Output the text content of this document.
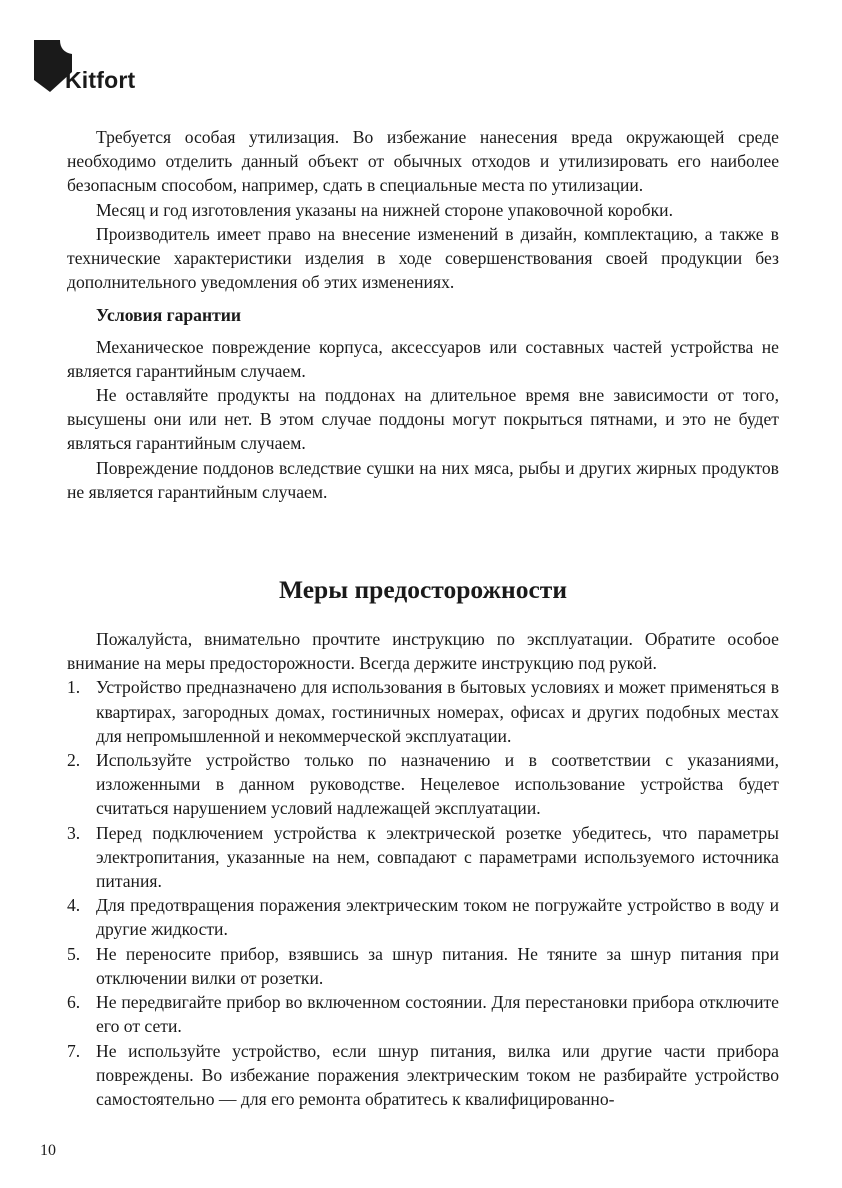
Kitfort

Требуется особая утилизация. Во избежание нанесения вреда окружающей среде необходимо отделить данный объект от обычных отходов и утилизировать его наиболее безопасным способом, например, сдать в специальные места по утилизации.

Месяц и год изготовления указаны на нижней стороне упаковочной коробки.

Производитель имеет право на внесение изменений в дизайн, комплектацию, а также в технические характеристики изделия в ходе совершенствования своей продукции без дополнительного уведомления об этих изменениях.

Условия гарантии

Механическое повреждение корпуса, аксессуаров или составных частей устройства не является гарантийным случаем.

Не оставляйте продукты на поддонах на длительное время вне зависимости от того, высушены они или нет. В этом случае поддоны могут покрыться пятнами, и это не будет являться гарантийным случаем.

Повреждение поддонов вследствие сушки на них мяса, рыбы и других жирных продуктов не является гарантийным случаем.

Меры предосторожности

Пожалуйста, внимательно прочтите инструкцию по эксплуатации. Обратите особое внимание на меры предосторожности. Всегда держите инструкцию под рукой.

1. Устройство предназначено для использования в бытовых условиях и может применяться в квартирах, загородных домах, гостиничных номерах, офисах и других подобных местах для непромышленной и некоммерческой эксплуатации.
2. Используйте устройство только по назначению и в соответствии с указаниями, изложенными в данном руководстве. Нецелевое использование устройства будет считаться нарушением условий надлежащей эксплуатации.
3. Перед подключением устройства к электрической розетке убедитесь, что параметры электропитания, указанные на нем, совпадают с параметрами используемого источника питания.
4. Для предотвращения поражения электрическим током не погружайте устройство в воду и другие жидкости.
5. Не переносите прибор, взявшись за шнур питания. Не тяните за шнур питания при отключении вилки от розетки.
6. Не передвигайте прибор во включенном состоянии. Для перестановки прибора отключите его от сети.
7. Не используйте устройство, если шнур питания, вилка или другие части прибора повреждены. Во избежание поражения электрическим током не разбирайте устройство самостоятельно — для его ремонта обратитесь к квалифицированно-
10
